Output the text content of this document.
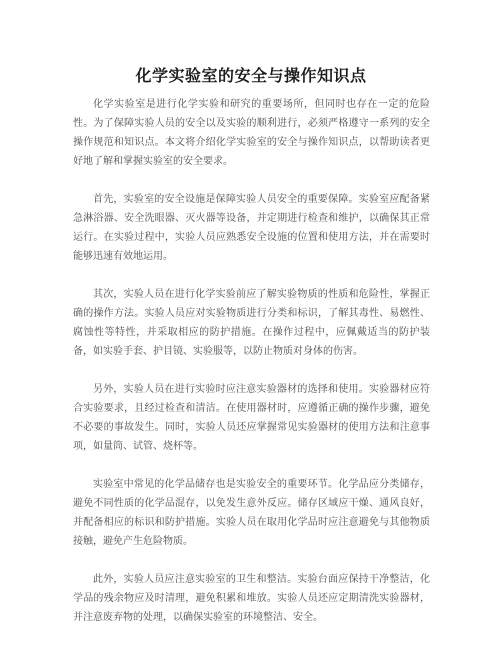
化学实验室的安全与操作知识点

化学实验室是进行化学实验和研究的重要场所，但同时也存在一定的危险性。为了保障实验人员的安全以及实验的顺利进行，必须严格遵守一系列的安全操作规范和知识点。本文将介绍化学实验室的安全与操作知识点，以帮助读者更好地了解和掌握实验室的安全要求。

首先，实验室的安全设施是保障实验人员安全的重要保障。实验室应配备紧急淋浴器、安全洗眼器、灭火器等设备，并定期进行检查和维护，以确保其正常运行。在实验过程中，实验人员应熟悉安全设施的位置和使用方法，并在需要时能够迅速有效地运用。

其次，实验人员在进行化学实验前应了解实验物质的性质和危险性，掌握正确的操作方法。实验人员应对实验物质进行分类和标识，了解其毒性、易燃性、腐蚀性等特性，并采取相应的防护措施。在操作过程中，应佩戴适当的防护装备，如实验手套、护目镜、实验服等，以防止物质对身体的伤害。

另外，实验人员在进行实验时应注意实验器材的选择和使用。实验器材应符合实验要求，且经过检查和清洁。在使用器材时，应遵循正确的操作步骤，避免不必要的事故发生。同时，实验人员还应掌握常见实验器材的使用方法和注意事项，如量筒、试管、烧杯等。

实验室中常见的化学品储存也是实验安全的重要环节。化学品应分类储存，避免不同性质的化学品混存，以免发生意外反应。储存区域应干燥、通风良好，并配备相应的标识和防护措施。实验人员在取用化学品时应注意避免与其他物质接触，避免产生危险物质。

此外，实验人员应注意实验室的卫生和整洁。实验台面应保持干净整洁，化学品的残余物应及时清理，避免积累和堆放。实验人员还应定期清洗实验器材，并注意废弃物的处理，以确保实验室的环境整洁、安全。
